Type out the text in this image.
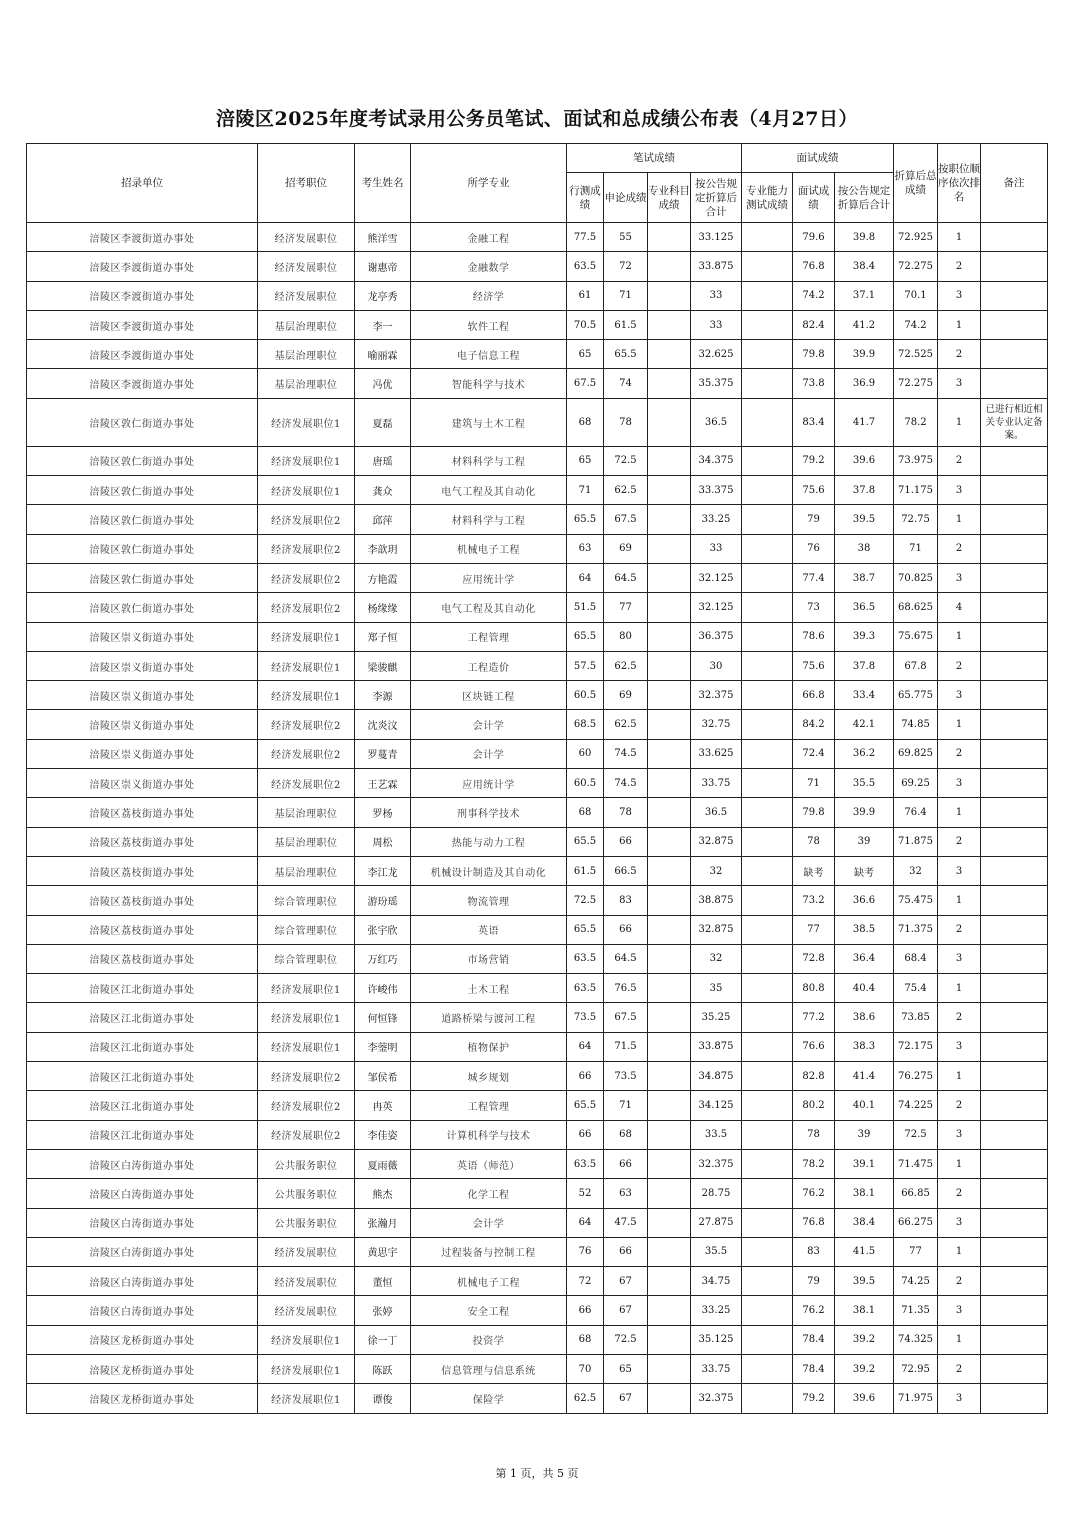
涪陵区2025年度考试录用公务员笔试、面试和总成绩公布表（4月27日）
招录单位	招考职位	考生姓名	所学专业	笔试成绩				面试成绩			折算后总成绩	按职位顺序依次排名	备注
				行测成绩	申论成绩	专业科目成绩	按公告规定折算后合计	专业能力测试成绩	面试成绩	按公告规定折算后合计			
涪陵区李渡街道办事处	经济发展职位	熊洋雪	金融工程	77.5	55		33.125		79.6	39.8	72.925	1	
涪陵区李渡街道办事处	经济发展职位	谢惠帝	金融数学	63.5	72		33.875		76.8	38.4	72.275	2	
涪陵区李渡街道办事处	经济发展职位	龙亭秀	经济学	61	71		33		74.2	37.1	70.1	3	
涪陵区李渡街道办事处	基层治理职位	李一	软件工程	70.5	61.5		33		82.4	41.2	74.2	1	
涪陵区李渡街道办事处	基层治理职位	喻丽霖	电子信息工程	65	65.5		32.625		79.8	39.9	72.525	2	
涪陵区李渡街道办事处	基层治理职位	冯优	智能科学与技术	67.5	74		35.375		73.8	36.9	72.275	3	
涪陵区敦仁街道办事处	经济发展职位1	夏磊	建筑与土木工程	68	78		36.5		83.4	41.7	78.2	1	已进行相近相关专业认定备案。
涪陵区敦仁街道办事处	经济发展职位1	唐瑶	材料科学与工程	65	72.5		34.375		79.2	39.6	73.975	2	
涪陵区敦仁街道办事处	经济发展职位1	龚众	电气工程及其自动化	71	62.5		33.375		75.6	37.8	71.175	3	
涪陵区敦仁街道办事处	经济发展职位2	邱萍	材料科学与工程	65.5	67.5		33.25		79	39.5	72.75	1	
涪陵区敦仁街道办事处	经济发展职位2	李歆玥	机械电子工程	63	69		33		76	38	71	2	
涪陵区敦仁街道办事处	经济发展职位2	方艳霞	应用统计学	64	64.5		32.125		77.4	38.7	70.825	3	
涪陵区敦仁街道办事处	经济发展职位2	杨缘缘	电气工程及其自动化	51.5	77		32.125		73	36.5	68.625	4	
涪陵区崇义街道办事处	经济发展职位1	郑子恒	工程管理	65.5	80		36.375		78.6	39.3	75.675	1	
涪陵区崇义街道办事处	经济发展职位1	梁骏麒	工程造价	57.5	62.5		30		75.6	37.8	67.8	2	
涪陵区崇义街道办事处	经济发展职位1	李源	区块链工程	60.5	69		32.375		66.8	33.4	65.775	3	
涪陵区崇义街道办事处	经济发展职位2	沈炎汶	会计学	68.5	62.5		32.75		84.2	42.1	74.85	1	
涪陵区崇义街道办事处	经济发展职位2	罗蔓青	会计学	60	74.5		33.625		72.4	36.2	69.825	2	
涪陵区崇义街道办事处	经济发展职位2	王艺霖	应用统计学	60.5	74.5		33.75		71	35.5	69.25	3	
涪陵区荔枝街道办事处	基层治理职位	罗杨	刑事科学技术	68	78		36.5		79.8	39.9	76.4	1	
涪陵区荔枝街道办事处	基层治理职位	周松	热能与动力工程	65.5	66		32.875		78	39	71.875	2	
涪陵区荔枝街道办事处	基层治理职位	李江龙	机械设计制造及其自动化	61.5	66.5		32		缺考	缺考	32	3	
涪陵区荔枝街道办事处	综合管理职位	游玢瑶	物流管理	72.5	83		38.875		73.2	36.6	75.475	1	
涪陵区荔枝街道办事处	综合管理职位	张宇欣	英语	65.5	66		32.875		77	38.5	71.375	2	
涪陵区荔枝街道办事处	综合管理职位	万红巧	市场营销	63.5	64.5		32		72.8	36.4	68.4	3	
涪陵区江北街道办事处	经济发展职位1	许峻伟	土木工程	63.5	76.5		35		80.8	40.4	75.4	1	
涪陵区江北街道办事处	经济发展职位1	何恒锋	道路桥梁与渡河工程	73.5	67.5		35.25		77.2	38.6	73.85	2	
涪陵区江北街道办事处	经济发展职位1	李蓥明	植物保护	64	71.5		33.875		76.6	38.3	72.175	3	
涪陵区江北街道办事处	经济发展职位2	邹侯希	城乡规划	66	73.5		34.875		82.8	41.4	76.275	1	
涪陵区江北街道办事处	经济发展职位2	冉英	工程管理	65.5	71		34.125		80.2	40.1	74.225	2	
涪陵区江北街道办事处	经济发展职位2	李佳姿	计算机科学与技术	66	68		33.5		78	39	72.5	3	
涪陵区白涛街道办事处	公共服务职位	夏雨薇	英语（师范）	63.5	66		32.375		78.2	39.1	71.475	1	
涪陵区白涛街道办事处	公共服务职位	熊杰	化学工程	52	63		28.75		76.2	38.1	66.85	2	
涪陵区白涛街道办事处	公共服务职位	张瀚月	会计学	64	47.5		27.875		76.8	38.4	66.275	3	
涪陵区白涛街道办事处	经济发展职位	黄思宇	过程装备与控制工程	76	66		35.5		83	41.5	77	1	
涪陵区白涛街道办事处	经济发展职位	董恒	机械电子工程	72	67		34.75		79	39.5	74.25	2	
涪陵区白涛街道办事处	经济发展职位	张婷	安全工程	66	67		33.25		76.2	38.1	71.35	3	
涪陵区龙桥街道办事处	经济发展职位1	徐一丁	投资学	68	72.5		35.125		78.4	39.2	74.325	1	
涪陵区龙桥街道办事处	经济发展职位1	陈跃	信息管理与信息系统	70	65		33.75		78.4	39.2	72.95	2	
涪陵区龙桥街道办事处	经济发展职位1	谭俊	保险学	62.5	67		32.375		79.2	39.6	71.975	3	
第 1 页，共 5 页
